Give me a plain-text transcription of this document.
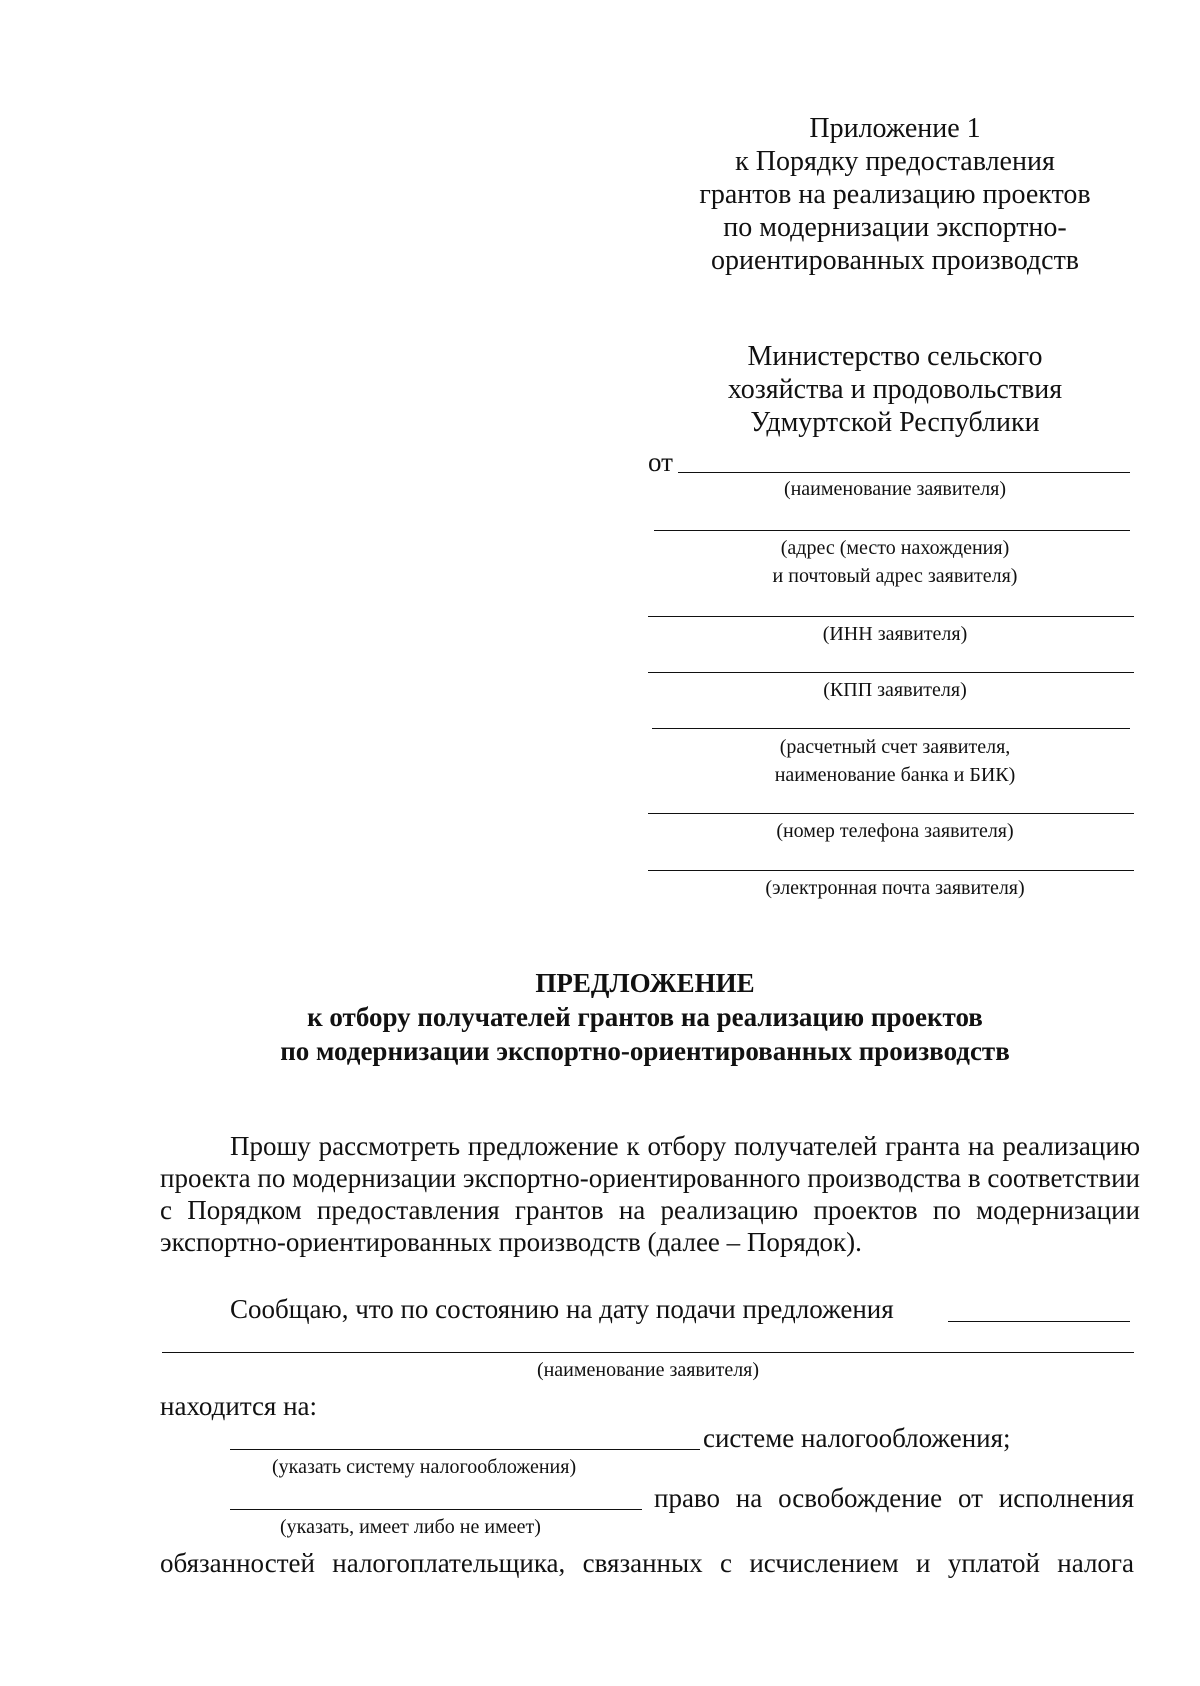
Приложение 1
к Порядку предоставления
грантов на реализацию проектов
по модернизации экспортно-
ориентированных производств
Министерство сельского
хозяйства и продовольствия
Удмуртской Республики
от
(наименование заявителя)
(адрес (место нахождения)
и почтовый адрес заявителя)
(ИНН заявителя)
(КПП заявителя)
(расчетный счет заявителя,
наименование банка и БИК)
(номер телефона заявителя)
(электронная почта заявителя)
ПРЕДЛОЖЕНИЕ
к отбору получателей грантов на реализацию проектов
по модернизации экспортно-ориентированных производств
Прошу рассмотреть предложение к отбору получателей гранта на реализацию проекта по модернизации экспортно-ориентированного производства в соответствии с Порядком предоставления грантов на реализацию проектов по модернизации экспортно-ориентированных производств (далее – Порядок).
Сообщаю, что по состоянию на дату подачи предложения
(наименование заявителя)
находится на:
системе налогообложения;
(указать систему налогообложения)
право на освобождение от исполнения
(указать, имеет либо не имеет)
обязанностей налогоплательщика, связанных с исчислением и уплатой налога
